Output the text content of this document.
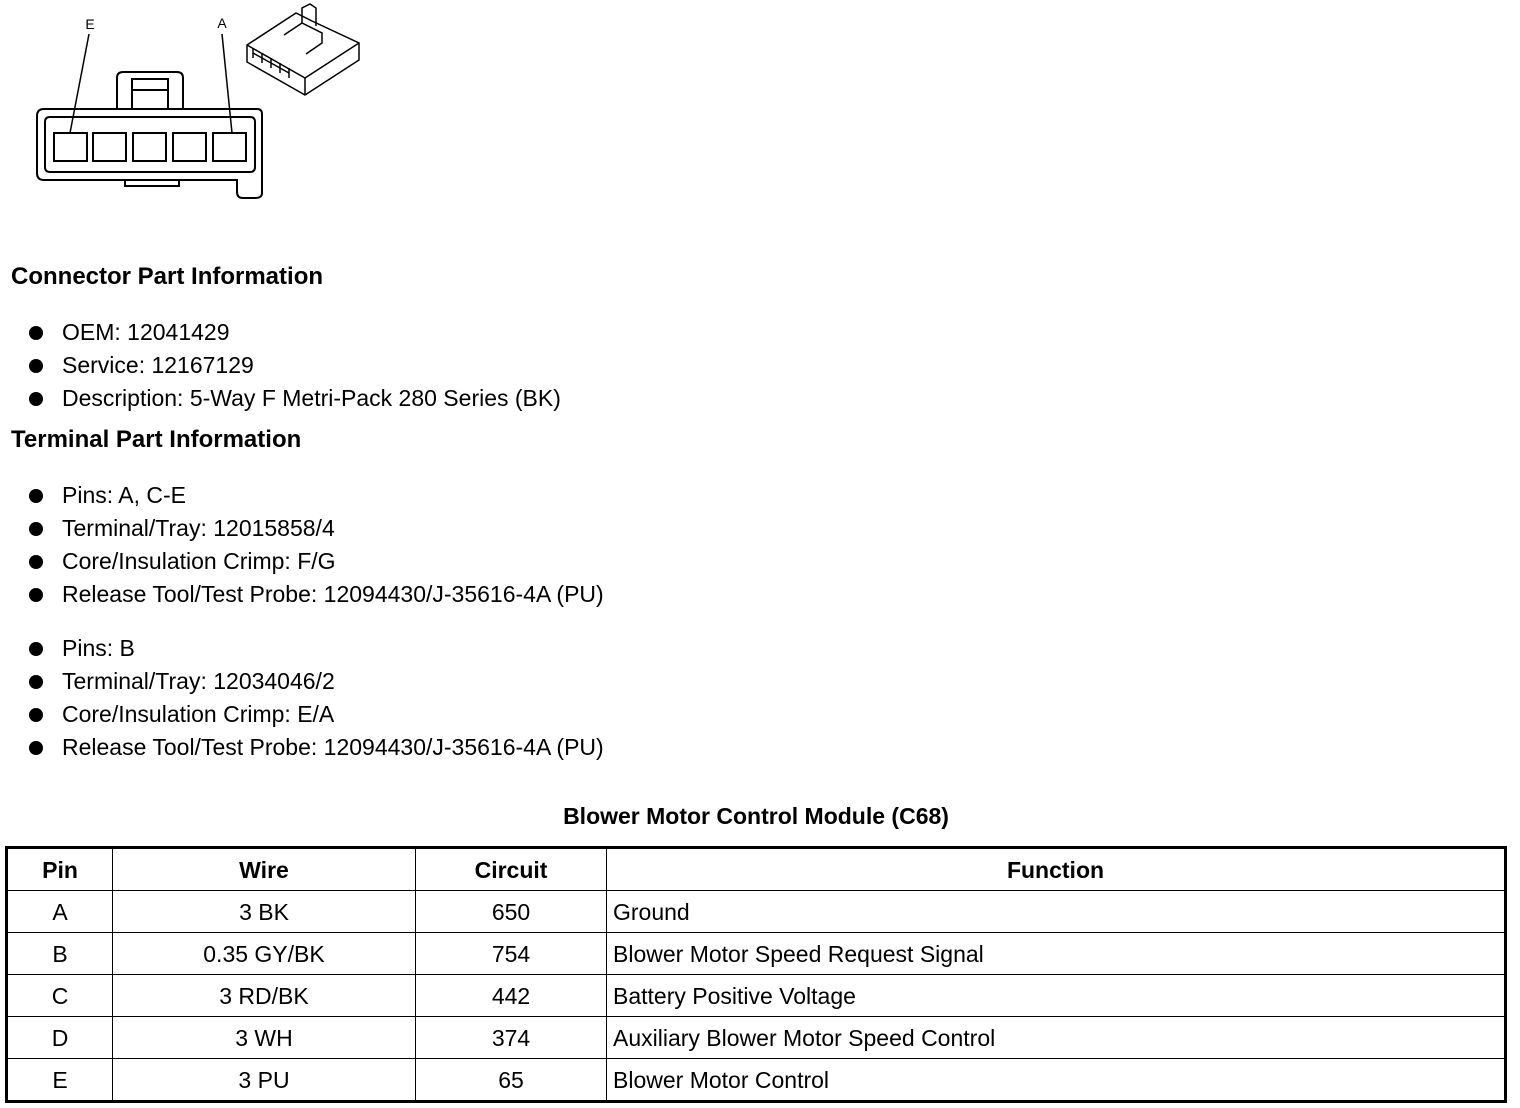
E	A
Connector Part Information
OEM: 12041429
Service: 12167129
Description: 5-Way F Metri-Pack 280 Series (BK)
Terminal Part Information
Pins: A, C-E
Terminal/Tray: 12015858/4
Core/Insulation Crimp: F/G
Release Tool/Test Probe: 12094430/J-35616-4A (PU)
Pins: B
Terminal/Tray: 12034046/2
Core/Insulation Crimp: E/A
Release Tool/Test Probe: 12094430/J-35616-4A (PU)
Blower Motor Control Module (C68)
Pin	Wire	Circuit	Function
A	3 BK	650	Ground
B	0.35 GY/BK	754	Blower Motor Speed Request Signal
C	3 RD/BK	442	Battery Positive Voltage
D	3 WH	374	Auxiliary Blower Motor Speed Control
E	3 PU	65	Blower Motor Control
